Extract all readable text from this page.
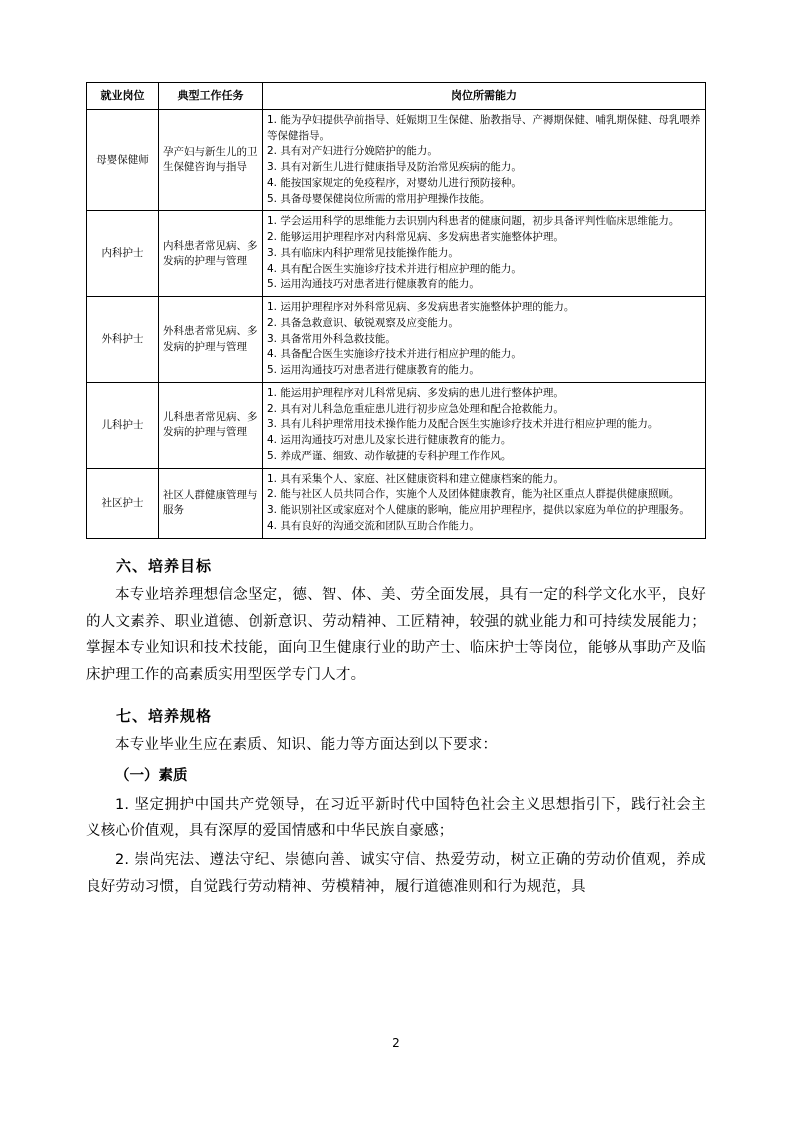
就业岗位	典型工作任务	岗位所需能力
母婴保健师	孕产妇与新生儿的卫生保健咨询与指导	1. 能为孕妇提供孕前指导、妊娠期卫生保健、胎教指导、产褥期保健、哺乳期保健、母乳喂养等保健指导。
2. 具有对产妇进行分娩陪护的能力。
3. 具有对新生儿进行健康指导及防治常见疾病的能力。
4. 能按国家规定的免疫程序，对婴幼儿进行预防接种。
5. 具备母婴保健岗位所需的常用护理操作技能。

内科护士	内科患者常见病、多发病的护理与管理	1. 学会运用科学的思维能力去识别内科患者的健康问题，初步具备评判性临床思维能力。
2. 能够运用护理程序对内科常见病、多发病患者实施整体护理。
3. 具有临床内科护理常见技能操作能力。
4. 具有配合医生实施诊疗技术并进行相应护理的能力。
5. 运用沟通技巧对患者进行健康教育的能力。

外科护士	外科患者常见病、多发病的护理与管理	1. 运用护理程序对外科常见病、多发病患者实施整体护理的能力。
2. 具备急救意识、敏锐观察及应变能力。
3. 具备常用外科急救技能。
4. 具备配合医生实施诊疗技术并进行相应护理的能力。
5. 运用沟通技巧对患者进行健康教育的能力。

儿科护士	儿科患者常见病、多发病的护理与管理	1. 能运用护理程序对儿科常见病、多发病的患儿进行整体护理。
2. 具有对儿科急危重症患儿进行初步应急处理和配合抢救能力。
3. 具有儿科护理常用技术操作能力及配合医生实施诊疗技术并进行相应护理的能力。
4. 运用沟通技巧对患儿及家长进行健康教育的能力。
5. 养成严谨、细致、动作敏捷的专科护理工作作风。

社区护士	社区人群健康管理与服务	1. 具有采集个人、家庭、社区健康资料和建立健康档案的能力。
2. 能与社区人员共同合作，实施个人及团体健康教育，能为社区重点人群提供健康照顾。
3. 能识别社区或家庭对个人健康的影响，能应用护理程序，提供以家庭为单位的护理服务。
4. 具有良好的沟通交流和团队互助合作能力。
六、培养目标

本专业培养理想信念坚定，德、智、体、美、劳全面发展，具有一定的科学文化水平，良好的人文素养、职业道德、创新意识、劳动精神、工匠精神，较强的就业能力和可持续发展能力；掌握本专业知识和技术技能，面向卫生健康行业的助产士、临床护士等岗位，能够从事助产及临床护理工作的高素质实用型医学专门人才。

七、培养规格

本专业毕业生应在素质、知识、能力等方面达到以下要求：

（一）素质

1. 坚定拥护中国共产党领导，在习近平新时代中国特色社会主义思想指引下，践行社会主义核心价值观，具有深厚的爱国情感和中华民族自豪感；

2. 崇尚宪法、遵法守纪、崇德向善、诚实守信、热爱劳动，树立正确的劳动价值观，养成良好劳动习惯，自觉践行劳动精神、劳模精神，履行道德准则和行为规范，具

2
